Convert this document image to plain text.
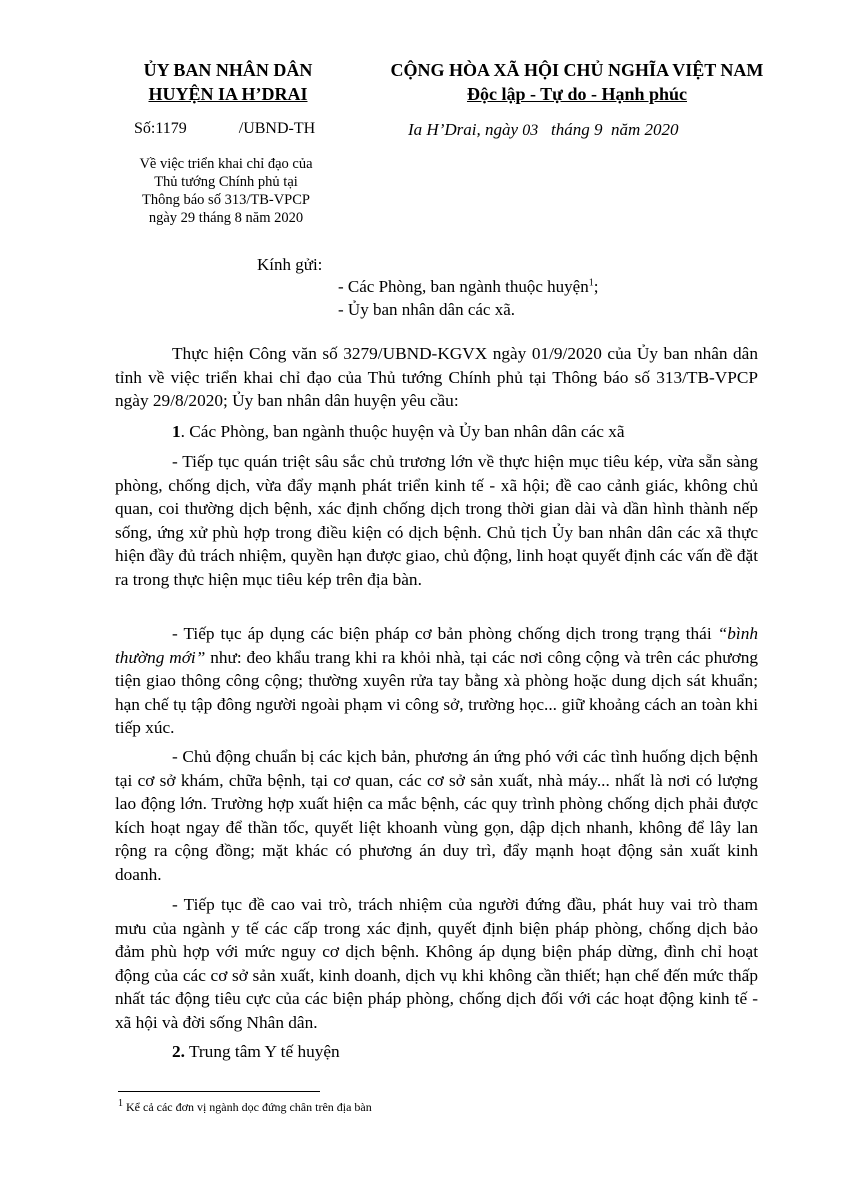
ỦY BAN NHÂN DÂN
HUYỆN IA H’DRAI
CỘNG HÒA XÃ HỘI CHỦ NGHĨA VIỆT NAM
Độc lập - Tự do - Hạnh phúc
Số:1179	/UBND-TH	Ia H’Drai, ngày 03 tháng 9 năm 2020
Về việc triển khai chỉ đạo của
Thủ tướng Chính phủ tại
Thông báo số 313/TB-VPCP
ngày 29 tháng 8 năm 2020
Kính gửi:
- Các Phòng, ban ngành thuộc huyện$^1$;
- Ủy ban nhân dân các xã.
Thực hiện Công văn số 3279/UBND-KGVX ngày 01/9/2020 của Ủy ban nhân dân tỉnh về việc triển khai chỉ đạo của Thủ tướng Chính phủ tại Thông báo số 313/TB-VPCP ngày 29/8/2020; Ủy ban nhân dân huyện yêu cầu:
1. Các Phòng, ban ngành thuộc huyện và Ủy ban nhân dân các xã
- Tiếp tục quán triệt sâu sắc chủ trương lớn về thực hiện mục tiêu kép, vừa sẵn sàng phòng, chống dịch, vừa đẩy mạnh phát triển kinh tế - xã hội; đề cao cảnh giác, không chủ quan, coi thường dịch bệnh, xác định chống dịch trong thời gian dài và dần hình thành nếp sống, ứng xử phù hợp trong điều kiện có dịch bệnh. Chủ tịch Ủy ban nhân dân các xã thực hiện đầy đủ trách nhiệm, quyền hạn được giao, chủ động, linh hoạt quyết định các vấn đề đặt ra trong thực hiện mục tiêu kép trên địa bàn.
- Tiếp tục áp dụng các biện pháp cơ bản phòng chống dịch trong trạng thái “bình thường mới” như: đeo khẩu trang khi ra khỏi nhà, tại các nơi công cộng và trên các phương tiện giao thông công cộng; thường xuyên rửa tay bằng xà phòng hoặc dung dịch sát khuẩn; hạn chế tụ tập đông người ngoài phạm vi công sở, trường học... giữ khoảng cách an toàn khi tiếp xúc.
- Chủ động chuẩn bị các kịch bản, phương án ứng phó với các tình huống dịch bệnh tại cơ sở khám, chữa bệnh, tại cơ quan, các cơ sở sản xuất, nhà máy... nhất là nơi có lượng lao động lớn. Trường hợp xuất hiện ca mắc bệnh, các quy trình phòng chống dịch phải được kích hoạt ngay để thần tốc, quyết liệt khoanh vùng gọn, dập dịch nhanh, không để lây lan rộng ra cộng đồng; mặt khác có phương án duy trì, đẩy mạnh hoạt động sản xuất kinh doanh.
- Tiếp tục đề cao vai trò, trách nhiệm của người đứng đầu, phát huy vai trò tham mưu của ngành y tế các cấp trong xác định, quyết định biện pháp phòng, chống dịch bảo đảm phù hợp với mức nguy cơ dịch bệnh. Không áp dụng biện pháp dừng, đình chỉ hoạt động của các cơ sở sản xuất, kinh doanh, dịch vụ khi không cần thiết; hạn chế đến mức thấp nhất tác động tiêu cực của các biện pháp phòng, chống dịch đối với các hoạt động kinh tế - xã hội và đời sống Nhân dân.
2. Trung tâm Y tế huyện
$^1$ Kể cả các đơn vị ngành dọc đứng chân trên địa bàn
